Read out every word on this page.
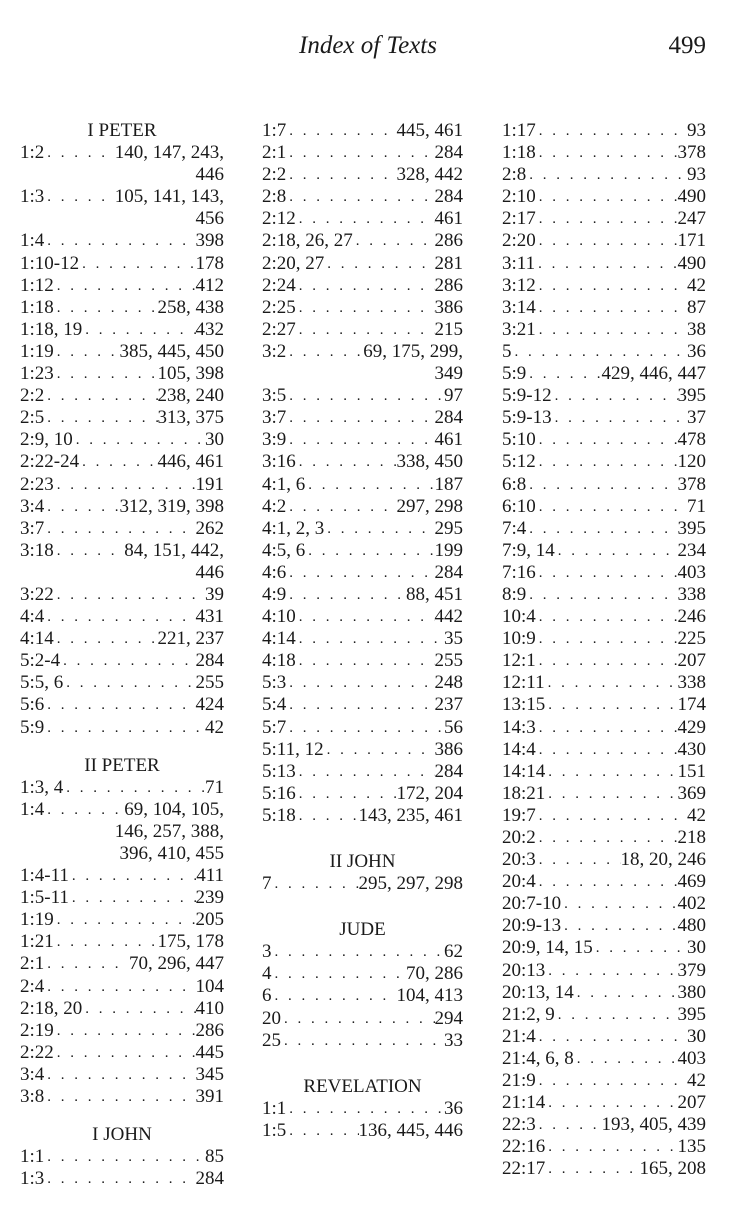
Index of Texts	499
I PETER
1:2 . . .	140, 147, 243,
446
1:3 . . .	105, 141, 143,
456
1:4 . . .	398
1:10-12 . . .	178
1:12 . . .	412
1:18 . . .	258, 438
1:18, 19 . . .	432
1:19 . . .	385, 445, 450
1:23 . . .	105, 398
2:2 . . .	238, 240
2:5 . . .	313, 375
2:9, 10 . . .	30
2:22-24 . . .	446, 461
2:23 . . .	191
3:4 . . .	312, 319, 398
3:7 . . .	262
3:18 . . .	84, 151, 442,
446
3:22 . . .	39
4:4 . . .	431
4:14 . . .	221, 237
5:2-4 . . .	284
5:5, 6 . . .	255
5:6 . . .	424
5:9 . . .	42
II PETER
1:3, 4 . . .	71
1:4 . . .	69, 104, 105,
146, 257, 388,
396, 410, 455
1:4-11 . . .	411
1:5-11 . . .	239
1:19 . . .	205
1:21 . . .	175, 178
2:1 . . .	70, 296, 447
2:4 . . .	104
2:18, 20 . . .	410
2:19 . . .	286
2:22 . . .	445
3:4 . . .	345
3:8 . . .	391
I JOHN
1:1 . . .	85
1:3 . . .	284
1:7 . . .	445, 461
2:1 . . .	284
2:2 . . .	328, 442
2:8 . . .	284
2:12 . . .	461
2:18, 26, 27 . . .	286
2:20, 27 . . .	281
2:24 . . .	286
2:25 . . .	386
2:27 . . .	215
3:2 . . .	69, 175, 299,
349
3:5 . . .	97
3:7 . . .	284
3:9 . . .	461
3:16 . . .	338, 450
4:1, 6 . . .	187
4:2 . . .	297, 298
4:1, 2, 3 . . .	295
4:5, 6 . . .	199
4:6 . . .	284
4:9 . . .	88, 451
4:10 . . .	442
4:14 . . .	35
4:18 . . .	255
5:3 . . .	248
5:4 . . .	237
5:7 . . .	56
5:11, 12 . . .	386
5:13 . . .	284
5:16 . . .	172, 204
5:18 . . .	143, 235, 461
II JOHN
7 . . .	295, 297, 298
JUDE
3 . . .	62
4 . . .	70, 286
6 . . .	104, 413
20 . . .	294
25 . . .	33
REVELATION
1:1 . . .	36
1:5 . . .	136, 445, 446
1:17 . . .	93
1:18 . . .	378
2:8 . . .	93
2:10 . . .	490
2:17 . . .	247
2:20 . . .	171
3:11 . . .	490
3:12 . . .	42
3:14 . . .	87
3:21 . . .	38
5 . . .	36
5:9 . . .	429, 446, 447
5:9-12 . . .	395
5:9-13 . . .	37
5:10 . . .	478
5:12 . . .	120
6:8 . . .	378
6:10 . . .	71
7:4 . . .	395
7:9, 14 . . .	234
7:16 . . .	403
8:9 . . .	338
10:4 . . .	246
10:9 . . .	225
12:1 . . .	207
12:11 . . .	338
13:15 . . .	174
14:3 . . .	429
14:4 . . .	430
14:14 . . .	151
18:21 . . .	369
19:7 . . .	42
20:2 . . .	218
20:3 . . .	18, 20, 246
20:4 . . .	469
20:7-10 . . .	402
20:9-13 . . .	480
20:9, 14, 15 . . .	30
20:13 . . .	379
20:13, 14 . . .	380
21:2, 9 . . .	395
21:4 . . .	30
21:4, 6, 8 . . .	403
21:9 . . .	42
21:14 . . .	207
22:3 . . .	193, 405, 439
22:16 . . .	135
22:17 . . .	165, 208
